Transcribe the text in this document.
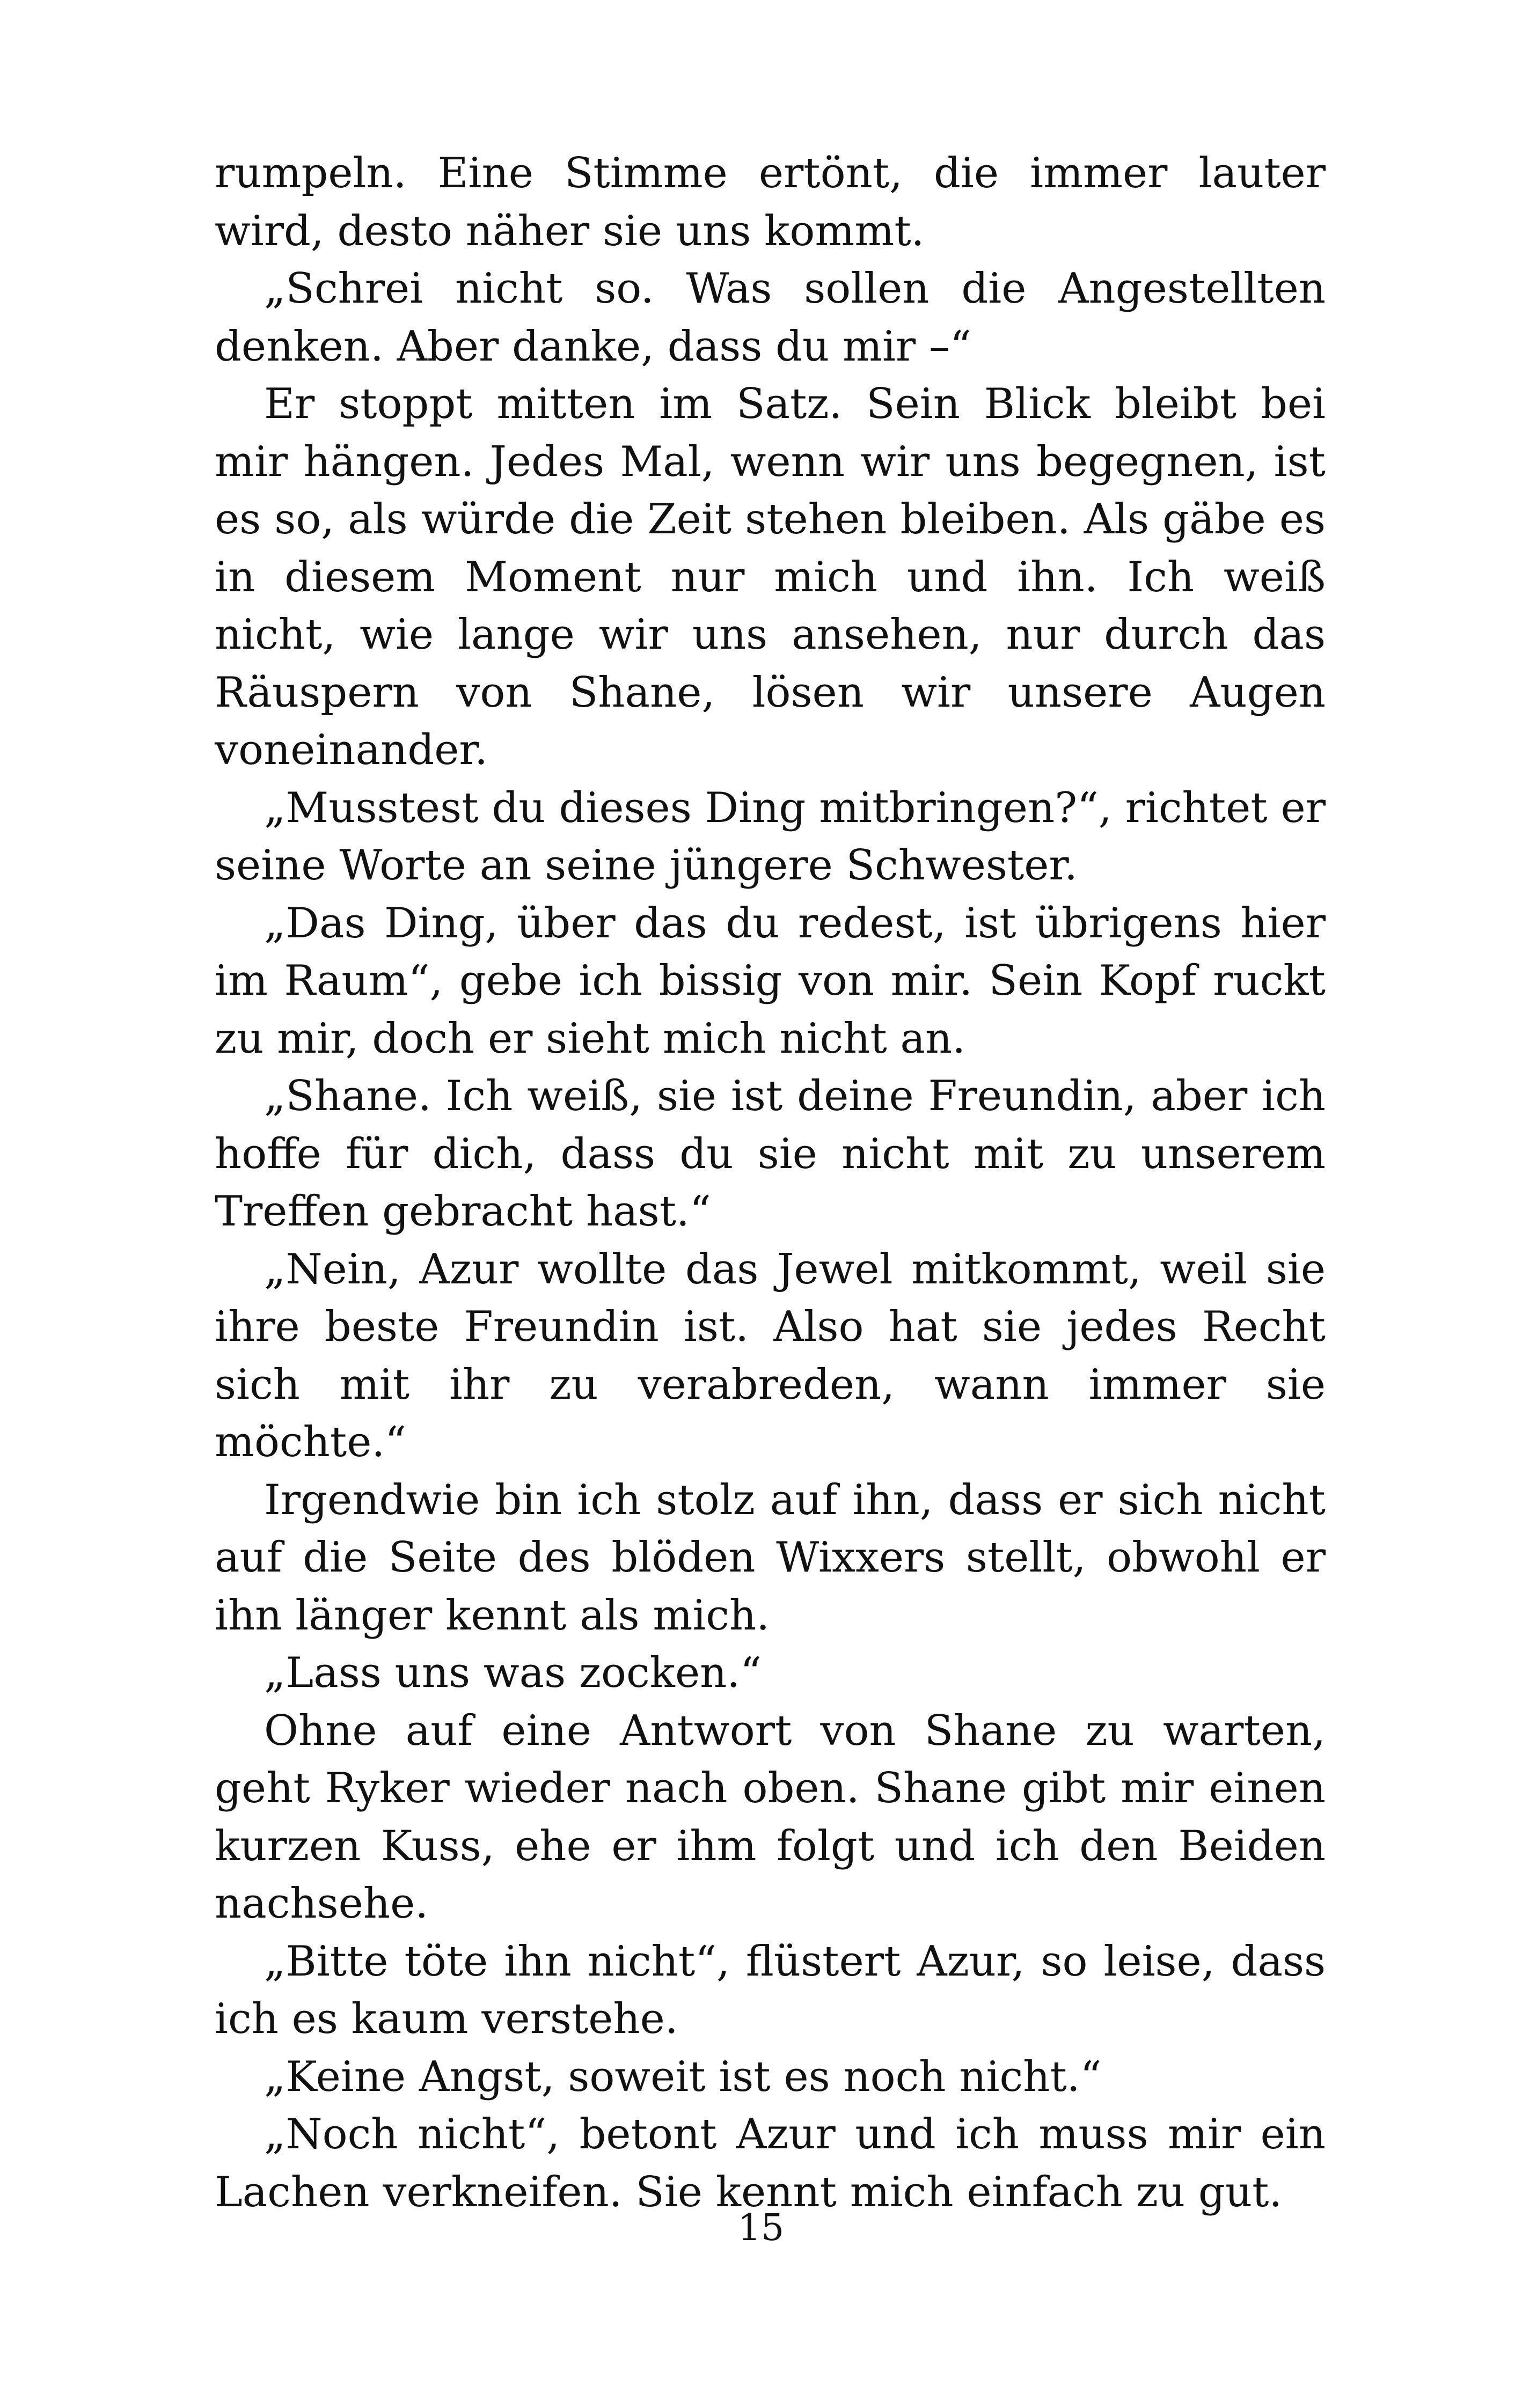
rumpeln. Eine Stimme ertönt, die immer lauter wird, desto näher sie uns kommt.

„Schrei nicht so. Was sollen die Angestellten denken. Aber danke, dass du mir –“

Er stoppt mitten im Satz. Sein Blick bleibt bei mir hängen. Jedes Mal, wenn wir uns begegnen, ist es so, als würde die Zeit stehen bleiben. Als gäbe es in diesem Moment nur mich und ihn. Ich weiß nicht, wie lange wir uns ansehen, nur durch das Räuspern von Shane, lösen wir unsere Augen voneinander.

„Musstest du dieses Ding mitbringen?“, richtet er seine Worte an seine jüngere Schwester.

„Das Ding, über das du redest, ist übrigens hier im Raum“, gebe ich bissig von mir. Sein Kopf ruckt zu mir, doch er sieht mich nicht an.

„Shane. Ich weiß, sie ist deine Freundin, aber ich hoffe für dich, dass du sie nicht mit zu unserem Treffen gebracht hast.“

„Nein, Azur wollte das Jewel mitkommt, weil sie ihre beste Freundin ist. Also hat sie jedes Recht sich mit ihr zu verabreden, wann immer sie möchte.“

Irgendwie bin ich stolz auf ihn, dass er sich nicht auf die Seite des blöden Wixxers stellt, obwohl er ihn länger kennt als mich.

„Lass uns was zocken.“

Ohne auf eine Antwort von Shane zu warten, geht Ryker wieder nach oben. Shane gibt mir einen kurzen Kuss, ehe er ihm folgt und ich den Beiden nachsehe.

„Bitte töte ihn nicht“, flüstert Azur, so leise, dass ich es kaum verstehe.

„Keine Angst, soweit ist es noch nicht.“

„Noch nicht“, betont Azur und ich muss mir ein Lachen verkneifen. Sie kennt mich einfach zu gut.

15
